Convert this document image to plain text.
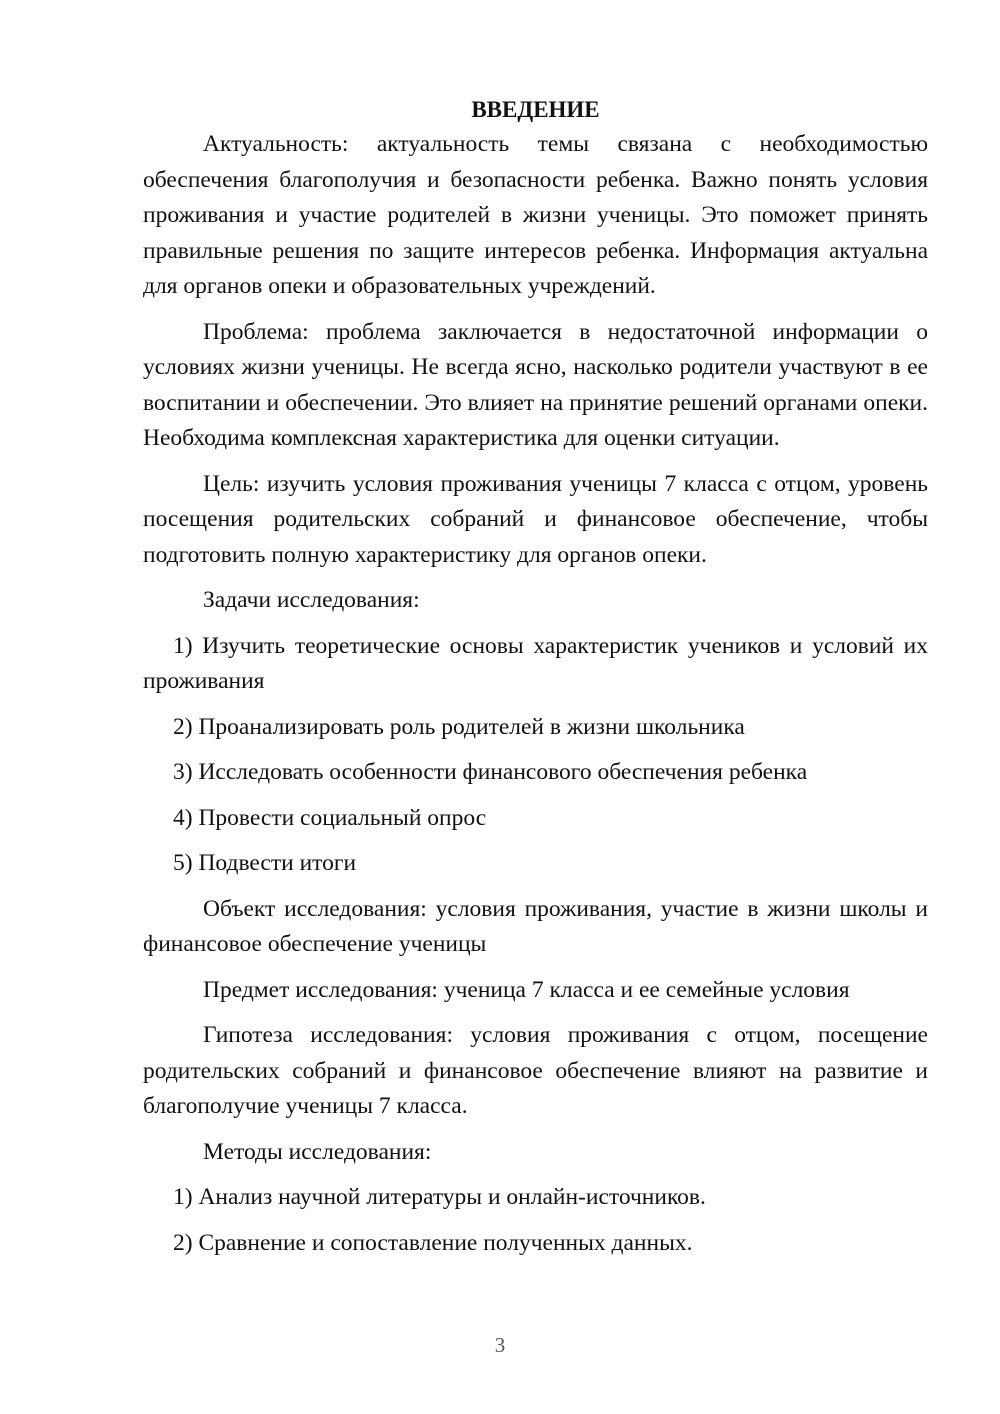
ВВЕДЕНИЕ

Актуальность: актуальность темы связана с необходимостью обеспечения благополучия и безопасности ребенка. Важно понять условия проживания и участие родителей в жизни ученицы. Это поможет принять правильные решения по защите интересов ребенка. Информация актуальна для органов опеки и образовательных учреждений.

Проблема: проблема заключается в недостаточной информации о условиях жизни ученицы. Не всегда ясно, насколько родители участвуют в ее воспитании и обеспечении. Это влияет на принятие решений органами опеки. Необходима комплексная характеристика для оценки ситуации.

Цель: изучить условия проживания ученицы 7 класса с отцом, уровень посещения родительских собраний и финансовое обеспечение, чтобы подготовить полную характеристику для органов опеки.

Задачи исследования:

1) Изучить теоретические основы характеристик учеников и условий их проживания

2) Проанализировать роль родителей в жизни школьника

3) Исследовать особенности финансового обеспечения ребенка

4) Провести социальный опрос

5) Подвести итоги

Объект исследования: условия проживания, участие в жизни школы и финансовое обеспечение ученицы

Предмет исследования: ученица 7 класса и ее семейные условия

Гипотеза исследования: условия проживания с отцом, посещение родительских собраний и финансовое обеспечение влияют на развитие и благополучие ученицы 7 класса.

Методы исследования:

1) Анализ научной литературы и онлайн-источников.

2) Сравнение и сопоставление полученных данных.

3
